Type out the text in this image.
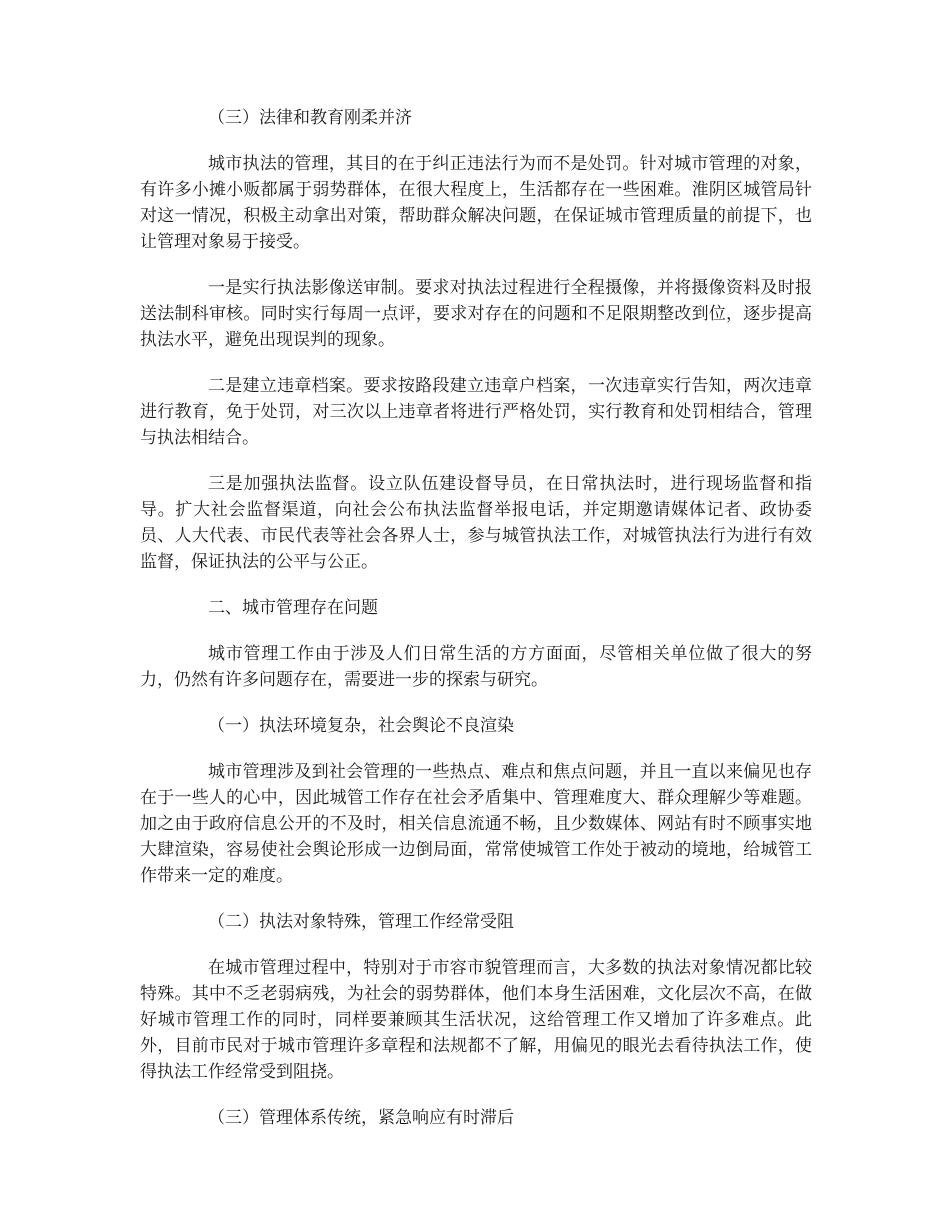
（三）法律和教育刚柔并济

城市执法的管理，其目的在于纠正违法行为而不是处罚。针对城市管理的对象，有许多小摊小贩都属于弱势群体，在很大程度上，生活都存在一些困难。淮阴区城管局针对这一情况，积极主动拿出对策，帮助群众解决问题，在保证城市管理质量的前提下，也让管理对象易于接受。

一是实行执法影像送审制。要求对执法过程进行全程摄像，并将摄像资料及时报送法制科审核。同时实行每周一点评，要求对存在的问题和不足限期整改到位，逐步提高执法水平，避免出现误判的现象。

二是建立违章档案。要求按路段建立违章户档案，一次违章实行告知，两次违章进行教育，免于处罚，对三次以上违章者将进行严格处罚，实行教育和处罚相结合，管理与执法相结合。

三是加强执法监督。设立队伍建设督导员，在日常执法时，进行现场监督和指导。扩大社会监督渠道，向社会公布执法监督举报电话，并定期邀请媒体记者、政协委员、人大代表、市民代表等社会各界人士，参与城管执法工作，对城管执法行为进行有效监督，保证执法的公平与公正。

二、城市管理存在问题

城市管理工作由于涉及人们日常生活的方方面面，尽管相关单位做了很大的努力，仍然有许多问题存在，需要进一步的探索与研究。

（一）执法环境复杂，社会舆论不良渲染

城市管理涉及到社会管理的一些热点、难点和焦点问题，并且一直以来偏见也存在于一些人的心中，因此城管工作存在社会矛盾集中、管理难度大、群众理解少等难题。加之由于政府信息公开的不及时，相关信息流通不畅，且少数媒体、网站有时不顾事实地大肆渲染，容易使社会舆论形成一边倒局面，常常使城管工作处于被动的境地，给城管工作带来一定的难度。

（二）执法对象特殊，管理工作经常受阻

在城市管理过程中，特别对于市容市貌管理而言，大多数的执法对象情况都比较特殊。其中不乏老弱病残，为社会的弱势群体，他们本身生活困难，文化层次不高，在做好城市管理工作的同时，同样要兼顾其生活状况，这给管理工作又增加了许多难点。此外，目前市民对于城市管理许多章程和法规都不了解，用偏见的眼光去看待执法工作，使得执法工作经常受到阻挠。

（三）管理体系传统，紧急响应有时滞后
